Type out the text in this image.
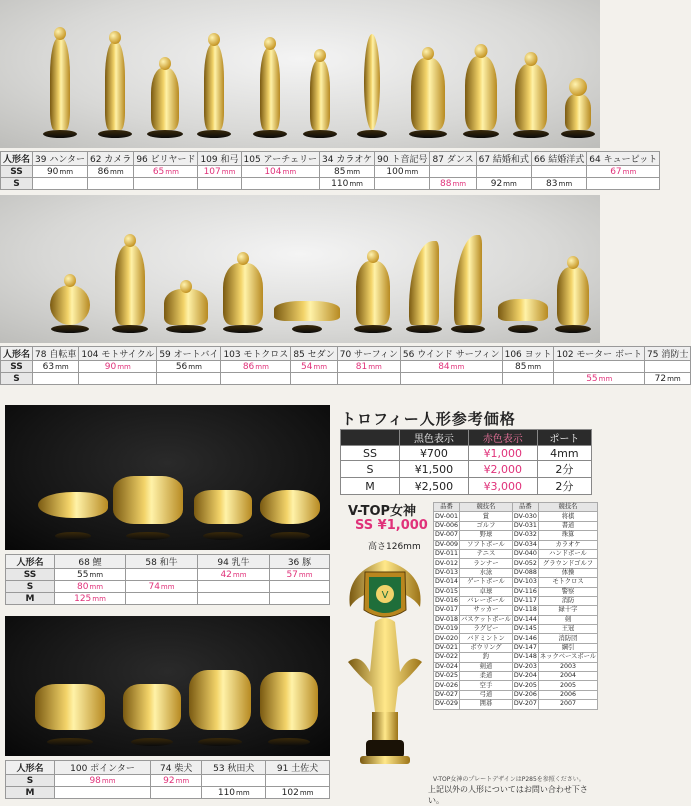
人形名	39 ハンター	62 カメラ	96 ビリヤード	109 和弓	105 アーチェリー	34 カラオケ	90 ト音記号	87 ダンス	67 結婚和式	66 結婚洋式	64 キューピット
SS	90mm	86mm	65mm	107mm	104mm	85mm	100mm				67mm
S						110mm		88mm	92mm	83mm	
人形名	78 自転車	104 モトサイクル	59 オートバイ	103 モトクロス	85 セダン	70 サーフィン	56 ウインド サーフィン	106 ヨット	102 モーター ボート	75 消防士
SS	63mm	90mm	56mm	86mm	54mm	81mm	84mm	85mm		
S									55mm	72mm
人形名	68 鯉	58 和牛	94 乳牛	36 豚
SS	55mm		42mm	57mm
S	80mm	74mm		
M	125mm			
人形名	100 ポインター	74 柴犬	53 秋田犬	91 土佐犬
S	98mm	92mm		
M			110mm	102mm
トロフィー人形参考価格
	黒色表示	赤色表示	ポート
SS	¥700	¥1,000	4mm
S	¥1,500	¥2,000	2分
M	¥2,500	¥3,000	2分
V-TOP女神
SS ¥1,000
高さ126mm
V
品番	競技名	品番	競技名
DV-001	賞	DV-030	将棋
DV-006	ゴルフ	DV-031	書道
DV-007	野球	DV-032	珠算
DV-009	ソフトボール	DV-034	カラオケ
DV-011	テニス	DV-040	ハンドボール
DV-012	ランナー	DV-052	グラウンドゴルフ
DV-013	水泳	DV-088	体操
DV-014	ゲートボール	DV-103	モトクロス
DV-015	卓球	DV-116	警察
DV-016	バレーボール	DV-117	消防
DV-017	サッカー	DV-118	緑十字
DV-018	バスケットボール	DV-144	剣
DV-019	ラグビー	DV-145	王冠
DV-020	バドミントン	DV-146	消防団
DV-021	ボウリング	DV-147	綱引
DV-022	釣	DV-148	ネックベースボール
DV-024	剣道	DV-203	2003
DV-025	柔道	DV-204	2004
DV-026	空手	DV-205	2005
DV-027	弓道	DV-206	2006
DV-029	囲碁	DV-207	2007
V-TOP女神のプレートデザインはP285を参照ください。
上記以外の人形についてはお問い合わせ下さい。
